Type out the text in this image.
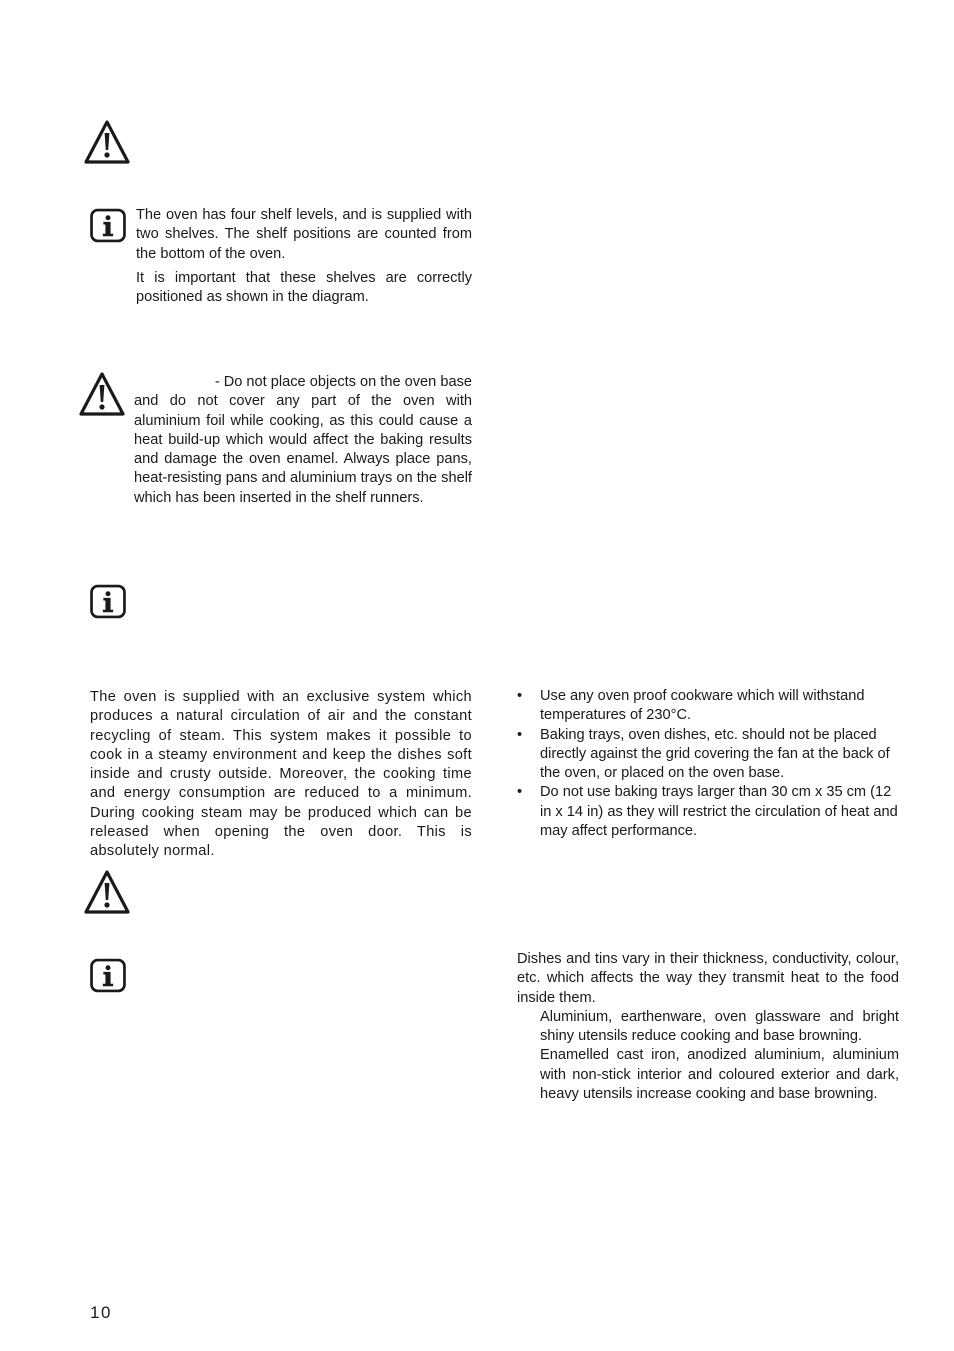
The oven has four shelf levels, and is supplied with two shelves. The shelf positions are counted from the bottom of the oven.

It is important that these shelves are correctly positioned as shown in the diagram.

- Do not place objects on the oven base

and do not cover any part of the oven with aluminium foil while cooking, as this could cause a heat build-up which would affect the baking results and damage the oven enamel. Always place pans, heat-resisting pans and aluminium trays on the shelf which has been inserted in the shelf runners.

The oven is supplied with an exclusive system which produces a natural circulation of air and the constant recycling of steam. This system makes it possible to cook in a steamy environment and keep the dishes soft inside and crusty outside. Moreover, the cooking time and energy consumption are reduced to a minimum. During cooking steam may be produced which can be released when opening the oven door. This is absolutely normal.
• Use any oven proof cookware which will withstand temperatures of 230°C.
• Baking trays, oven dishes, etc. should not be placed directly against the grid covering the fan at the back of the oven, or placed on the oven base.
• Do not use baking trays larger than 30 cm x 35 cm (12 in x 14 in) as they will restrict the circulation of heat and may affect performance.

Dishes and tins vary in their thickness, conductivity, colour, etc. which affects the way they transmit heat to the food inside them.

Aluminium, earthenware, oven glassware and bright shiny utensils reduce cooking and base browning.

Enamelled cast iron, anodized aluminium, aluminium with non-stick interior and coloured exterior and dark, heavy utensils increase cooking and base browning.

10
